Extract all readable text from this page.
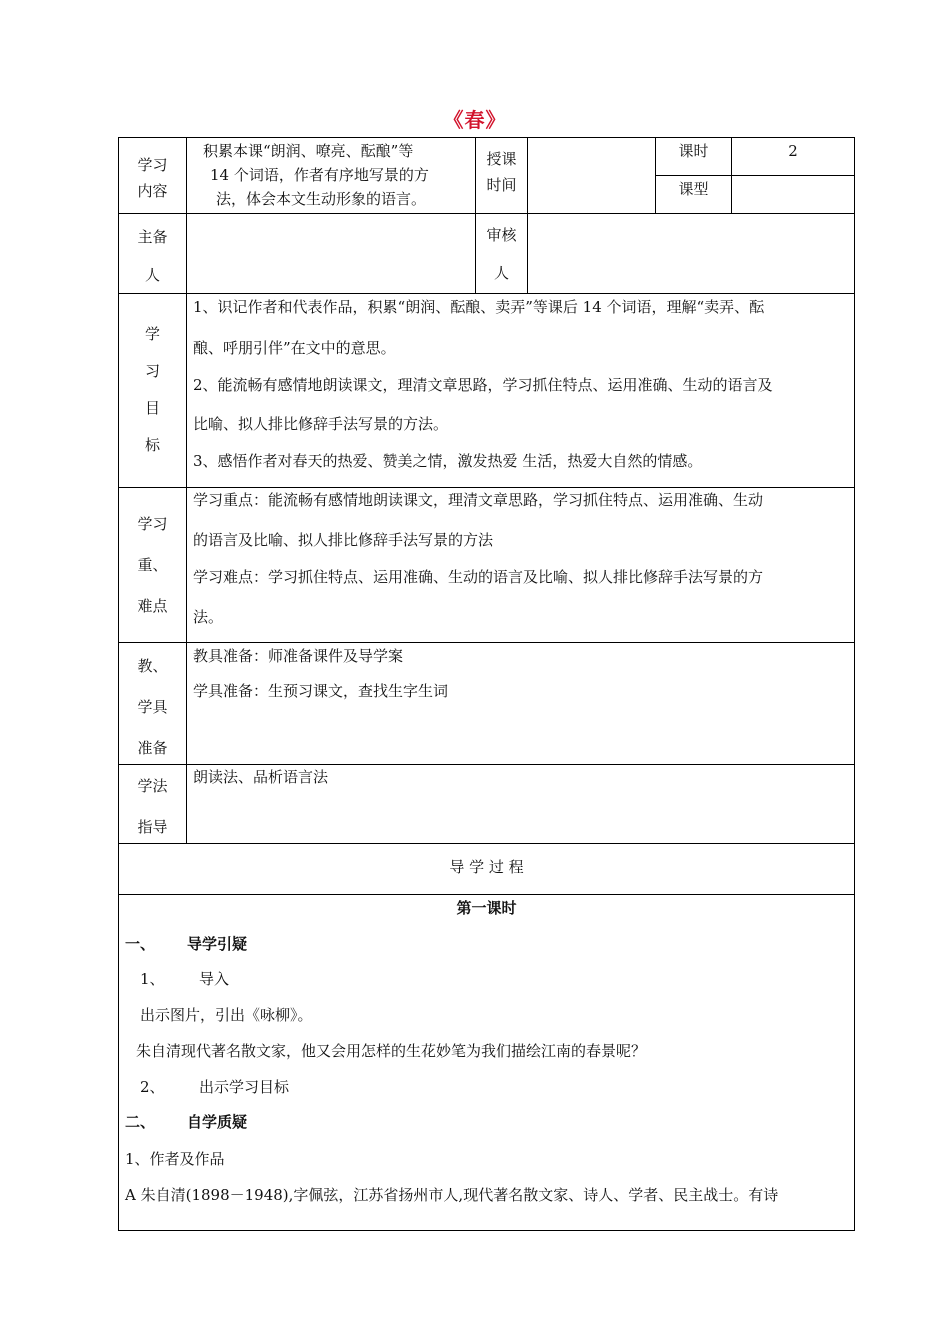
《春》
学习
内容
积累本课“朗润、嘹亮、酝酿”等
14 个词语，作者有序地写景的方
法，体会本文生动形象的语言。
授课
时间
课时	2
课型
主备
人
审核
人
学
习
目
标
1、识记作者和代表作品，积累“朗润、酝酿、卖弄”等课后 14 个词语，理解“卖弄、酝
酿、呼朋引伴”在文中的意思。
2、能流畅有感情地朗读课文，理清文章思路，学习抓住特点、运用准确、生动的语言及
比喻、拟人排比修辞手法写景的方法。
3、感悟作者对春天的热爱、赞美之情，激发热爱 生活，热爱大自然的情感。
学习
重、
难点
学习重点：能流畅有感情地朗读课文，理清文章思路，学习抓住特点、运用准确、生动
的语言及比喻、拟人排比修辞手法写景的方法
学习难点：学习抓住特点、运用准确、生动的语言及比喻、拟人排比修辞手法写景的方
法。
教、
学具
准备
教具准备：师准备课件及导学案
学具准备：生预习课文，查找生字生词
学法
指导
朗读法、品析语言法
导 学 过 程
第一课时
一、 导学引疑
1、 导入
出示图片，引出《咏柳》。
朱自清现代著名散文家，他又会用怎样的生花妙笔为我们描绘江南的春景呢？
2、 出示学习目标
二、 自学质疑
1、作者及作品
A 朱自清(1898－1948),字佩弦，江苏省扬州市人,现代著名散文家、诗人、学者、民主战士。有诗
